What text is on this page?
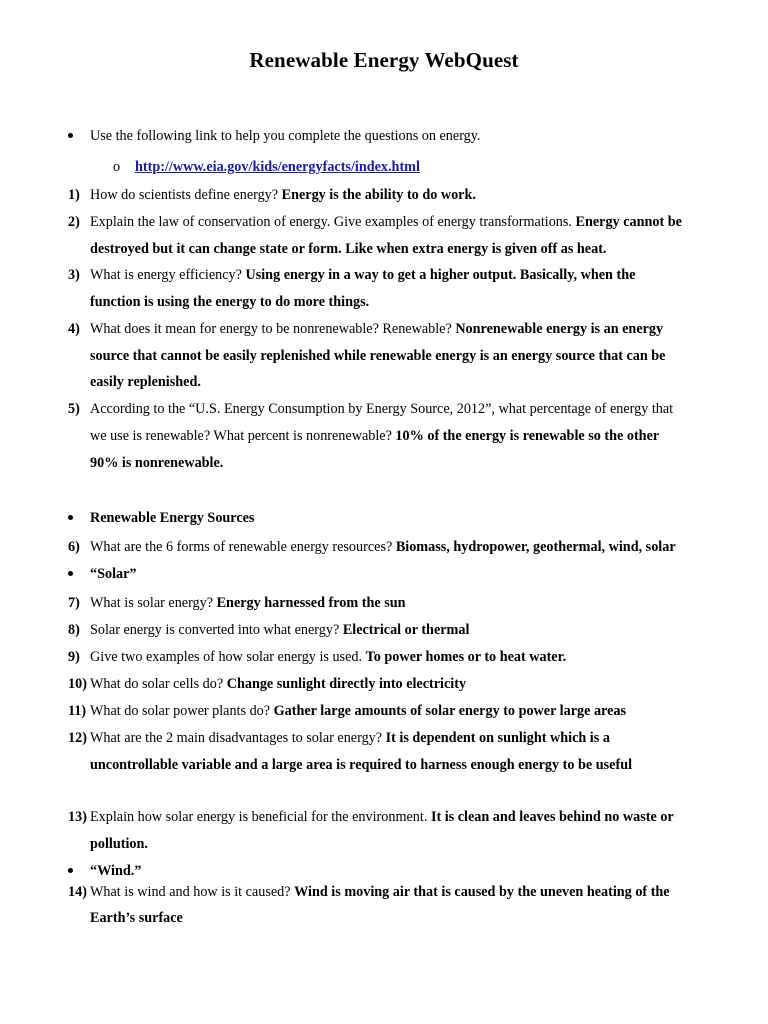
Renewable Energy WebQuest
Use the following link to help you complete the questions on energy.
o http://www.eia.gov/kids/energyfacts/index.html
1) How do scientists define energy? Energy is the ability to do work.
2) Explain the law of conservation of energy. Give examples of energy transformations. Energy cannot be
destroyed but it can change state or form. Like when extra energy is given off as heat.
3) What is energy efficiency? Using energy in a way to get a higher output. Basically, when the
function is using the energy to do more things.
4) What does it mean for energy to be nonrenewable? Renewable? Nonrenewable energy is an energy
source that cannot be easily replenished while renewable energy is an energy source that can be
easily replenished.
5) According to the “U.S. Energy Consumption by Energy Source, 2012”, what percentage of energy that
we use is renewable? What percent is nonrenewable? 10% of the energy is renewable so the other
90% is nonrenewable.
Renewable Energy Sources
6) What are the 6 forms of renewable energy resources? Biomass, hydropower, geothermal, wind, solar
“Solar”
7) What is solar energy? Energy harnessed from the sun
8) Solar energy is converted into what energy? Electrical or thermal
9) Give two examples of how solar energy is used. To power homes or to heat water.
10) What do solar cells do? Change sunlight directly into electricity
11) What do solar power plants do? Gather large amounts of solar energy to power large areas
12) What are the 2 main disadvantages to solar energy? It is dependent on sunlight which is a
uncontrollable variable and a large area is required to harness enough energy to be useful
13) Explain how solar energy is beneficial for the environment. It is clean and leaves behind no waste or
pollution.
“Wind.”
14) What is wind and how is it caused? Wind is moving air that is caused by the uneven heating of the
Earth’s surface
